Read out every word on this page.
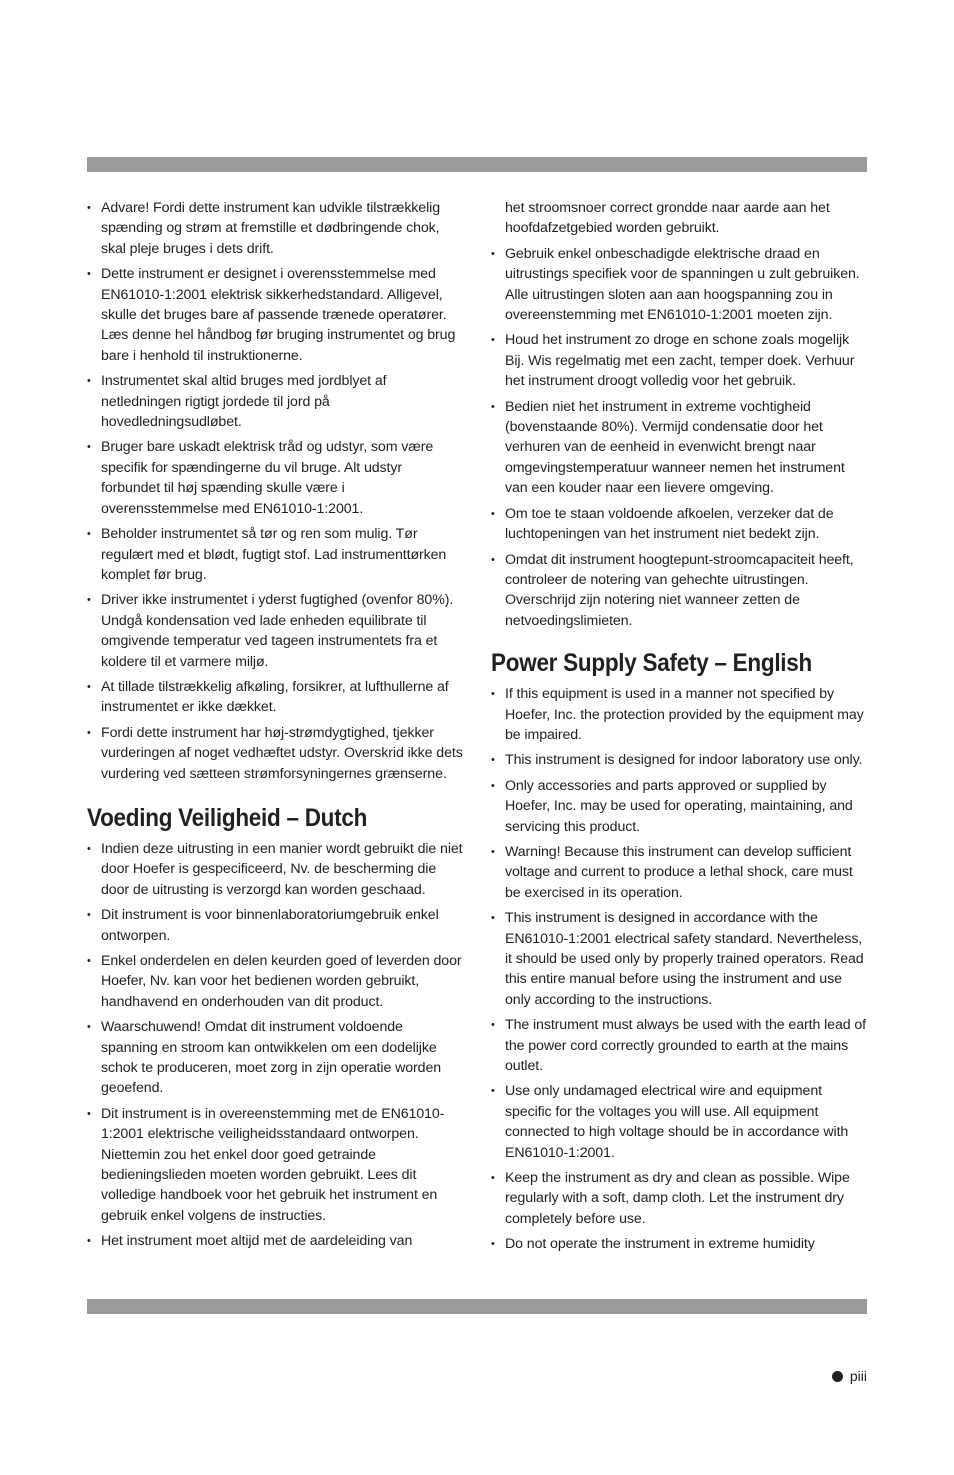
• Advare! Fordi dette instrument kan udvikle tilstrækkelig spænding og strøm at fremstille et dødbringende chok, skal pleje bruges i dets drift.
• Dette instrument er designet i overensstemmelse med EN61010-1:2001 elektrisk sikkerhedstandard. Alligevel, skulle det bruges bare af passende trænede operatører. Læs denne hel håndbog før bruging instrumentet og brug bare i henhold til instruktionerne.
• Instrumentet skal altid bruges med jordblyet af netledningen rigtigt jordede til jord på hovedledningsudløbet.
• Bruger bare uskadt elektrisk tråd og udstyr, som være specifik for spændingerne du vil bruge. Alt udstyr forbundet til høj spænding skulle være i overensstemmelse med EN61010-1:2001.
• Beholder instrumentet så tør og ren som mulig. Tør regulært med et blødt, fugtigt stof. Lad instrumenttørken komplet før brug.
• Driver ikke instrumentet i yderst fugtighed (ovenfor 80%). Undgå kondensation ved lade enheden equilibrate til omgivende temperatur ved tageen instrumentets fra et koldere til et varmere miljø.
• At tillade tilstrækkelig afkøling, forsikrer, at lufthullerne af instrumentet er ikke dækket.
• Fordi dette instrument har høj-strømdygtighed, tjekker vurderingen af noget vedhæftet udstyr. Overskrid ikke dets vurdering ved sætteen strømforsyningernes grænserne.
Voeding Veiligheid – Dutch
• Indien deze uitrusting in een manier wordt gebruikt die niet door Hoefer is gespecificeerd, Nv. de bescherming die door de uitrusting is verzorgd kan worden geschaad.
• Dit instrument is voor binnenlaboratoriumgebruik enkel ontworpen.
• Enkel onderdelen en delen keurden goed of leverden door Hoefer, Nv. kan voor het bedienen worden gebruikt, handhavend en onderhouden van dit product.
• Waarschuwend! Omdat dit instrument voldoende spanning en stroom kan ontwikkelen om een dodelijke schok te produceren, moet zorg in zijn operatie worden geoefend.
• Dit instrument is in overeenstemming met de EN61010-1:2001 elektrische veiligheidsstandaard ontworpen. Niettemin zou het enkel door goed getrainde bedieningslieden moeten worden gebruikt. Lees dit volledige handboek voor het gebruik het instrument en gebruik enkel volgens de instructies.
• Het instrument moet altijd met de aardeleiding van
het stroomsnoer correct grondde naar aarde aan het hoofdafzetgebied worden gebruikt.
• Gebruik enkel onbeschadigde elektrische draad en uitrustings specifiek voor de spanningen u zult gebruiken. Alle uitrustingen sloten aan aan hoogspanning zou in overeenstemming met EN61010-1:2001 moeten zijn.
• Houd het instrument zo droge en schone zoals mogelijk Bij. Wis regelmatig met een zacht, temper doek. Verhuur het instrument droogt volledig voor het gebruik.
• Bedien niet het instrument in extreme vochtigheid (bovenstaande 80%). Vermijd condensatie door het verhuren van de eenheid in evenwicht brengt naar omgevingstemperatuur wanneer nemen het instrument van een kouder naar een lievere omgeving.
• Om toe te staan voldoende afkoelen, verzeker dat de luchtopeningen van het instrument niet bedekt zijn.
• Omdat dit instrument hoogtepunt-stroomcapaciteit heeft, controleer de notering van gehechte uitrustingen. Overschrijd zijn notering niet wanneer zetten de netvoedingslimieten.
Power Supply Safety – English
• If this equipment is used in a manner not specified by Hoefer, Inc. the protection provided by the equipment may be impaired.
• This instrument is designed for indoor laboratory use only.
• Only accessories and parts approved or supplied by Hoefer, Inc. may be used for operating, maintaining, and servicing this product.
• Warning! Because this instrument can develop sufficient voltage and current to produce a lethal shock, care must be exercised in its operation.
• This instrument is designed in accordance with the EN61010-1:2001 electrical safety standard. Nevertheless, it should be used only by properly trained operators. Read this entire manual before using the instrument and use only according to the instructions.
• The instrument must always be used with the earth lead of the power cord correctly grounded to earth at the mains outlet.
• Use only undamaged electrical wire and equipment specific for the voltages you will use. All equipment connected to high voltage should be in accordance with EN61010-1:2001.
• Keep the instrument as dry and clean as possible. Wipe regularly with a soft, damp cloth. Let the instrument dry completely before use.
• Do not operate the instrument in extreme humidity
piii
